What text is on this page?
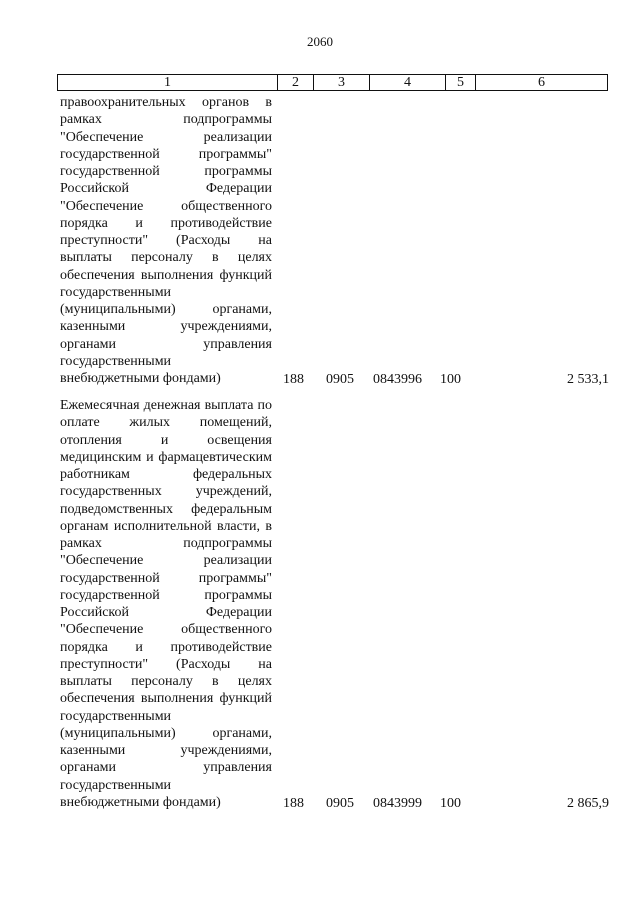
2060
1	2	3	4	5	6
правоохранительных органов в рамках подпрограммы "Обеспечение реализации государственной программы" государственной программы Российской Федерации "Обеспечение общественного порядка и противодействие преступности" (Расходы на выплаты персоналу в целях обеспечения выполнения функций государственными (муниципальными) органами, казенными учреждениями, органами управления государственными внебюджетными фондами)	188 0905 0843996 100	2 533,1
Ежемесячная денежная выплата по оплате жилых помещений, отопления и освещения медицинским и фармацевтическим работникам федеральных государственных учреждений, подведомственных федеральным органам исполнительной власти, в рамках подпрограммы "Обеспечение реализации государственной программы" государственной программы Российской Федерации "Обеспечение общественного порядка и противодействие преступности" (Расходы на выплаты персоналу в целях обеспечения выполнения функций государственными (муниципальными) органами, казенными учреждениями, органами управления государственными внебюджетными фондами)	188 0905 0843999 100	2 865,9
